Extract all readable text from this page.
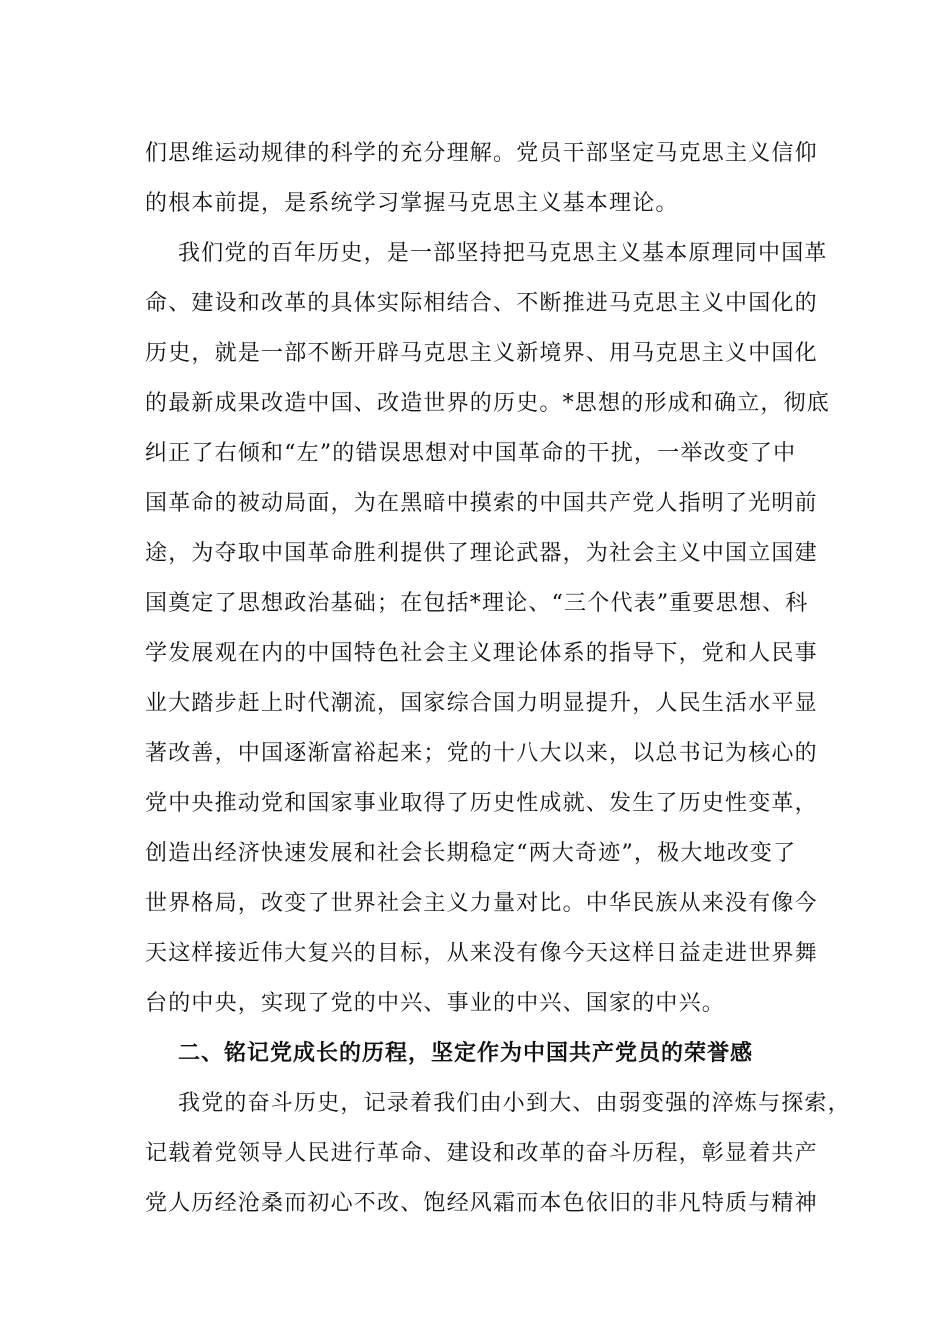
们思维运动规律的科学的充分理解。党员干部坚定马克思主义信仰
的根本前提，是系统学习掌握马克思主义基本理论。
我们党的百年历史，是一部坚持把马克思主义基本原理同中国革
命、建设和改革的具体实际相结合、不断推进马克思主义中国化的
历史，就是一部不断开辟马克思主义新境界、用马克思主义中国化
的最新成果改造中国、改造世界的历史。*思想的形成和确立，彻底
纠正了右倾和“左”的错误思想对中国革命的干扰，一举改变了中
国革命的被动局面，为在黑暗中摸索的中国共产党人指明了光明前
途，为夺取中国革命胜利提供了理论武器，为社会主义中国立国建
国奠定了思想政治基础；在包括*理论、“三个代表”重要思想、科
学发展观在内的中国特色社会主义理论体系的指导下，党和人民事
业大踏步赶上时代潮流，国家综合国力明显提升，人民生活水平显
著改善，中国逐渐富裕起来；党的十八大以来，以总书记为核心的
党中央推动党和国家事业取得了历史性成就、发生了历史性变革，
创造出经济快速发展和社会长期稳定“两大奇迹”，极大地改变了
世界格局，改变了世界社会主义力量对比。中华民族从来没有像今
天这样接近伟大复兴的目标，从来没有像今天这样日益走进世界舞
台的中央，实现了党的中兴、事业的中兴、国家的中兴。
二、铭记党成长的历程，坚定作为中国共产党员的荣誉感
我党的奋斗历史，记录着我们由小到大、由弱变强的淬炼与探索，
记载着党领导人民进行革命、建设和改革的奋斗历程，彰显着共产
党人历经沧桑而初心不改、饱经风霜而本色依旧的非凡特质与精神
